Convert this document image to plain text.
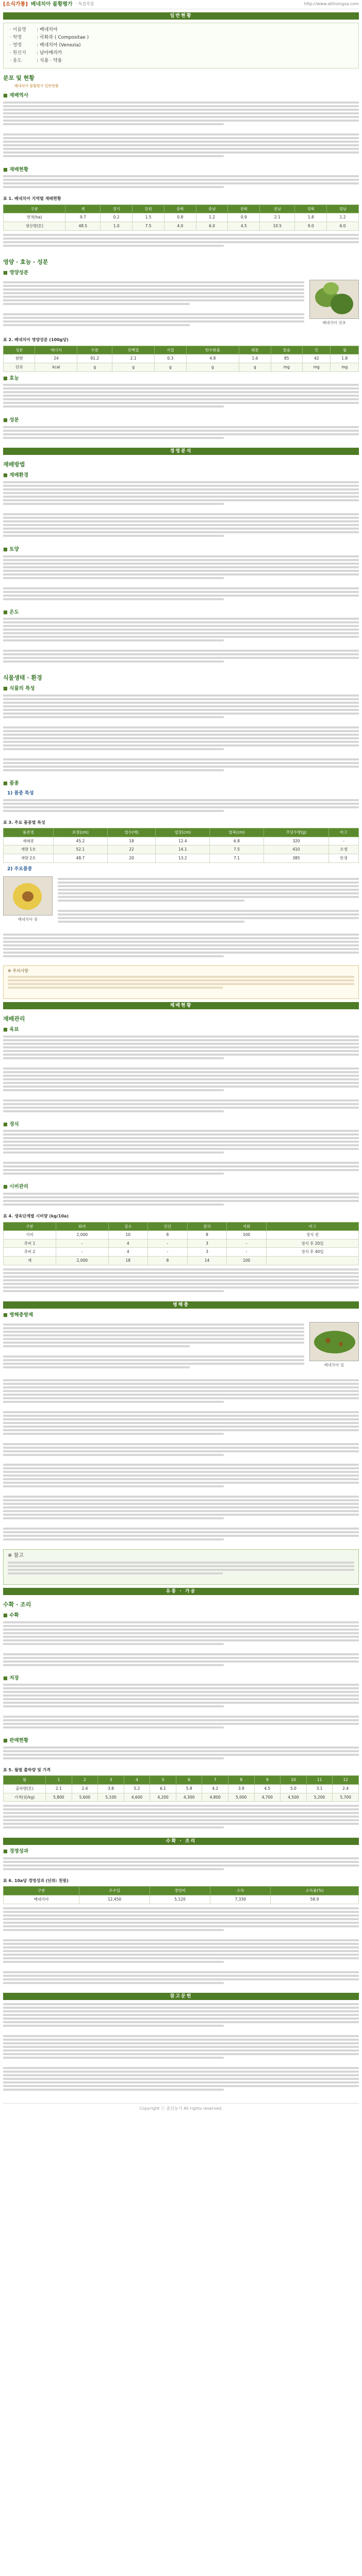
[소식가통] 베네치아 불황평가 · 특질작물	http://www.allinongsa.com
일반현황
· 이름명 : 베네치아
· 학명	: 국화과 ( Compositae )
· 영명	: 베네치아 (Venezia)
· 원산지 : 남아메리카
· 용도	: 식용 · 약용
분포 및 현황
베네치아 불황평가 일반현황
■ 재배역사
■ 재배현황
표 1. 베네치아 지역별 재배현황
구분	계	경기	강원	충북	충남	전북	전남	경북	경남
면적(ha)	9.7	0.2	1.5	0.8	1.2	0.9	2.1	1.8	1.2
생산량(톤)	48.5	1.0	7.5	4.0	6.0	4.5	10.5	9.0	6.0
영양 · 효능 · 성분
■ 영양성분
베네치아 전초
표 2. 베네치아 영양성분 (100g당)
성분	에너지	수분	단백질	지질	탄수화물	회분	칼슘	인	철
함량	24	91.2	2.1	0.3	4.8	1.6	85	42	1.8
단위	kcal	g	g	g	g	g	mg	mg	mg
■ 효능
■ 성분
경영분석
재배방법
■ 재배환경
■ 토양
■ 온도
식물생태 · 환경
■ 식물의 특성
■ 품종
1) 품종 특성
표 3. 주요 품종별 특성
품종명	초장(cm)	엽수(매)	엽장(cm)	엽폭(cm)	주당수량(g)	비고
재래종	45.2	18	12.4	6.8	320	-
개량 1호	52.1	22	14.1	7.5	410	조생
개량 2호	48.7	20	13.2	7.1	385	만생
2) 주요품종
베네치아 꽃
※ 주의사항
제배현황
재배관리
■ 육묘
■ 정식
■ 시비관리
표 4. 생육단계별 시비량 (kg/10a)
구분	퇴비	질소	인산	칼리	석회	비고
기비	2,000	10	8	8	100	정식 전
추비 1	-	4	-	3	-	정식 후 20일
추비 2	-	4	-	3	-	정식 후 40일
계	2,000	18	8	14	100	
병해충
■ 병해충방제
베네치아 잎
※ 참고
유통 · 가공
수확 · 조리
■ 수확
■ 저장
■ 판매현황
표 5. 월별 출하량 및 가격
월	1	2	3	4	5	6	7	8	9	10	11	12
출하량(톤)	2.1	2.4	3.8	5.2	6.1	5.8	4.2	3.9	4.5	5.0	3.1	2.4
가격(원/kg)	5,800	5,600	5,100	4,600	4,200	4,300	4,800	5,000	4,700	4,500	5,200	5,700
수확 · 조리
■ 경영성과
표 6. 10a당 경영성과 (단위: 천원)
구분	조수입	경영비	소득	소득률(%)
베네치아	12,450	5,120	7,330	58.9
참고문헌
Copyright ⓒ 올인농사 All rights reserved.
